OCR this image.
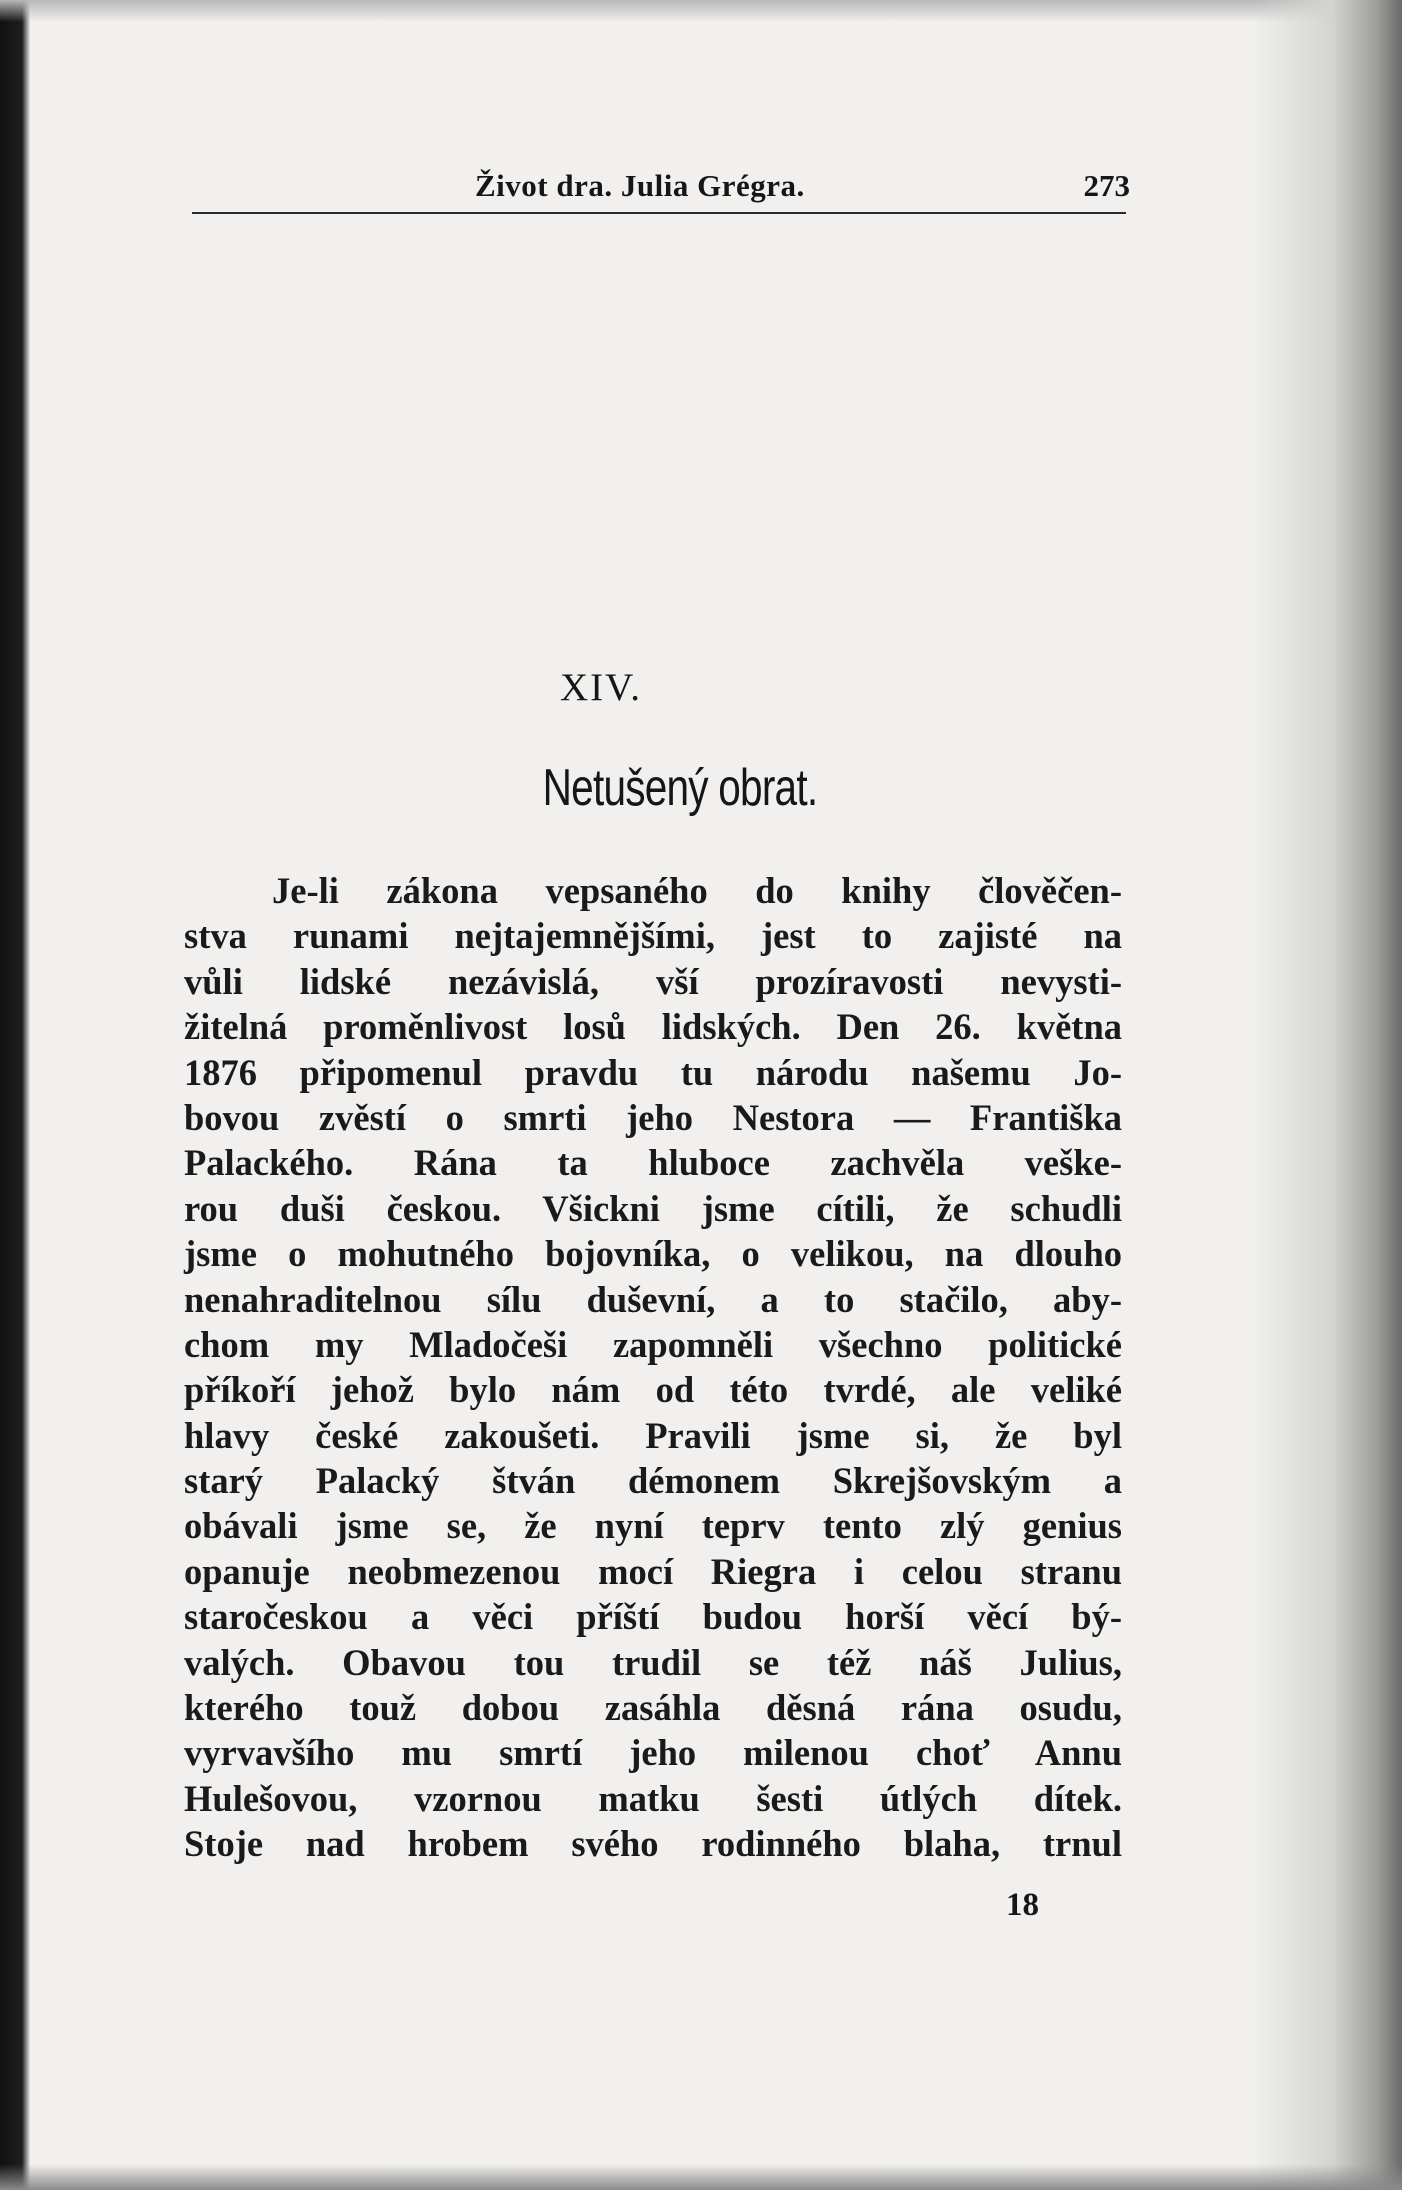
Život dra. Julia Grégra.	273
XIV.
Netušený obrat.
Je-li zákona vepsaného do knihy člověčen-
stva runami nejtajemnějšími, jest to zajisté na
vůli lidské nezávislá, vší prozíravosti nevysti-
žitelná proměnlivost losů lidských. Den 26. května
1876 připomenul pravdu tu národu našemu Jo-
bovou zvěstí o smrti jeho Nestora — Františka
Palackého. Rána ta hluboce zachvěla veške-
rou duši českou. Všickni jsme cítili, že schudli
jsme o mohutného bojovníka, o velikou, na dlouho
nenahraditelnou sílu duševní, a to stačilo, aby-
chom my Mladočeši zapomněli všechno politické
příkoří jehož bylo nám od této tvrdé, ale veliké
hlavy české zakoušeti. Pravili jsme si, že byl
starý Palacký štván démonem Skrejšovským a
obávali jsme se, že nyní teprv tento zlý genius
opanuje neobmezenou mocí Riegra i celou stranu
staročeskou a věci příští budou horší věcí bý-
valých. Obavou tou trudil se též náš Julius,
kterého touž dobou zasáhla děsná rána osudu,
vyrvavšího mu smrtí jeho milenou choť Annu
Hulešovou, vzornou matku šesti útlých dítek.
Stoje nad hrobem svého rodinného blaha, trnul
18
